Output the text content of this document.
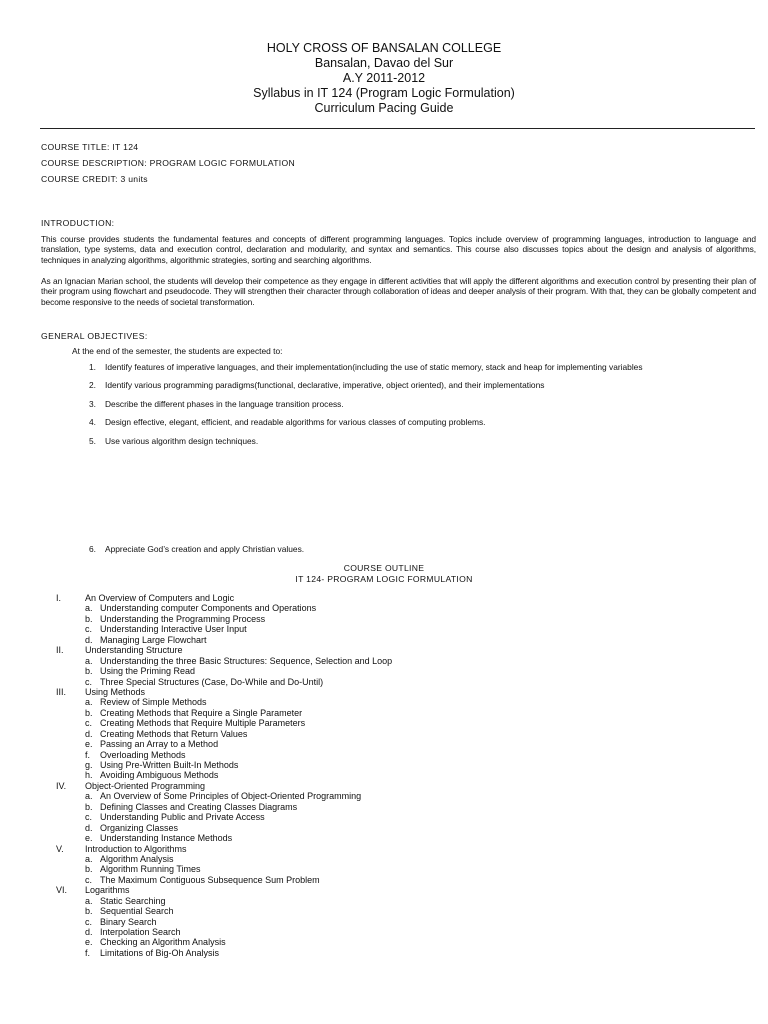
HOLY CROSS OF BANSALAN COLLEGE
Bansalan, Davao del Sur
A.Y 2011-2012
Syllabus in IT 124 (Program Logic Formulation)
Curriculum Pacing Guide
COURSE TITLE: IT 124
COURSE DESCRIPTION: PROGRAM LOGIC FORMULATION
COURSE CREDIT: 3 units
INTRODUCTION:
This course provides students the fundamental features and concepts of different programming languages. Topics include overview of programming languages, introduction to language and translation, type systems, data and execution control, declaration and modularity, and syntax and semantics. This course also discusses topics about the design and analysis of algorithms, techniques in analyzing algorithms, algorithmic strategies, sorting and searching algorithms.
As an Ignacian Marian school, the students will develop their competence as they engage in different activities that will apply the different algorithms and execution control by presenting their plan of their program using flowchart and pseudocode. They will strengthen their character through collaboration of ideas and deeper analysis of their program. With that, they can be globally competent and become responsive to the needs of societal transformation.
GENERAL OBJECTIVES:
At the end of the semester, the students are expected to:
1. Identify features of imperative languages, and their implementation(including the use of static memory, stack and heap for implementing variables
2. Identify various programming paradigms(functional, declarative, imperative, object oriented), and their implementations
3. Describe the different phases in the language transition process.
4. Design effective, elegant, efficient, and readable algorithms for various classes of computing problems.
5. Use various algorithm design techniques.
6. Appreciate God’s creation and apply Christian values.
COURSE OUTLINE
IT 124- PROGRAM LOGIC FORMULATION
I.	An Overview of Computers and Logic
a. Understanding computer Components and Operations
b. Understanding the Programming Process
c. Understanding Interactive User Input
d. Managing Large Flowchart
II. Understanding Structure
a. Understanding the three Basic Structures: Sequence, Selection and Loop
b. Using the Priming Read
c. Three Special Structures (Case, Do-While and Do-Until)
III. Using Methods
a. Review of Simple Methods
b. Creating Methods that Require a Single Parameter
c. Creating Methods that Require Multiple Parameters
d. Creating Methods that Return Values
e. Passing an Array to a Method
f. Overloading Methods
g. Using Pre-Written Built-In Methods
h. Avoiding Ambiguous Methods
IV. Object-Oriented Programming
a. An Overview of Some Principles of Object-Oriented Programming
b. Defining Classes and Creating Classes Diagrams
c. Understanding Public and Private Access
d. Organizing Classes
e. Understanding Instance Methods
V. Introduction to Algorithms
a. Algorithm Analysis
b. Algorithm Running Times
c. The Maximum Contiguous Subsequence Sum Problem
VI. Logarithms
a. Static Searching
b. Sequential Search
c. Binary Search
d. Interpolation Search
e. Checking an Algorithm Analysis
f. Limitations of Big-Oh Analysis
